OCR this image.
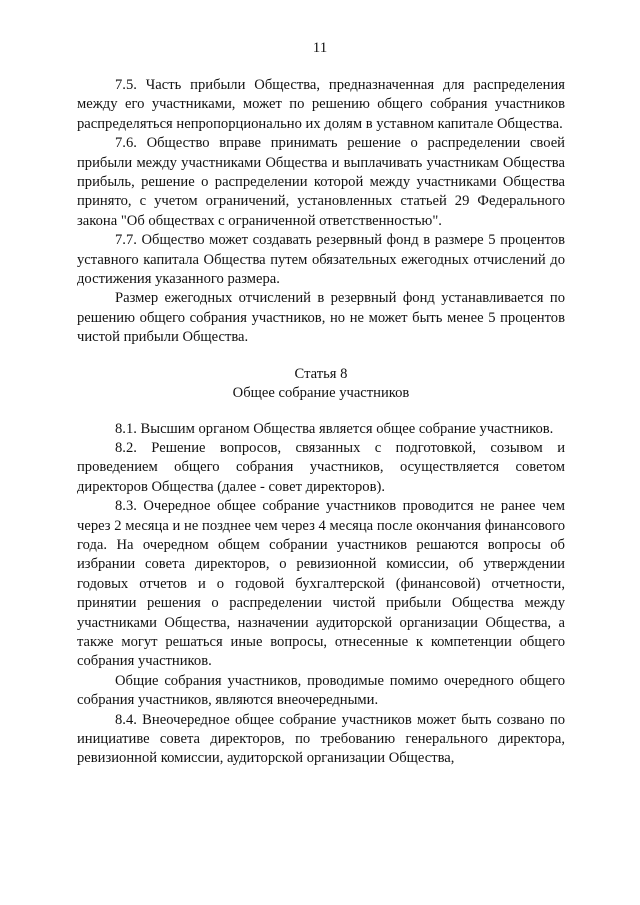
11

7.5. Часть прибыли Общества, предназначенная для распределения между его участниками, может по решению общего собрания участников распределяться непропорционально их долям в уставном капитале Общества.

7.6. Общество вправе принимать решение о распределении своей прибыли между участниками Общества и выплачивать участникам Общества прибыль, решение о распределении которой между участниками Общества принято, с учетом ограничений, установленных статьей 29 Федерального закона "Об обществах с ограниченной ответственностью".

7.7. Общество может создавать резервный фонд в размере 5 процентов уставного капитала Общества путем обязательных ежегодных отчислений до достижения указанного размера.

Размер ежегодных отчислений в резервный фонд устанавливается по решению общего собрания участников, но не может быть менее 5 процентов чистой прибыли Общества.

Статья 8

Общее собрание участников

8.1. Высшим органом Общества является общее собрание участников.

8.2. Решение вопросов, связанных с подготовкой, созывом и проведением общего собрания участников, осуществляется советом директоров Общества (далее - совет директоров).

8.3. Очередное общее собрание участников проводится не ранее чем через 2 месяца и не позднее чем через 4 месяца после окончания финансового года. На очередном общем собрании участников решаются вопросы об избрании совета директоров, о ревизионной комиссии, об утверждении годовых отчетов и о годовой бухгалтерской (финансовой) отчетности, принятии решения о распределении чистой прибыли Общества между участниками Общества, назначении аудиторской организации Общества, а также могут решаться иные вопросы, отнесенные к компетенции общего собрания участников.

Общие собрания участников, проводимые помимо очередного общего собрания участников, являются внеочередными.

8.4. Внеочередное общее собрание участников может быть созвано по инициативе совета директоров, по требованию генерального директора, ревизионной комиссии, аудиторской организации Общества,
